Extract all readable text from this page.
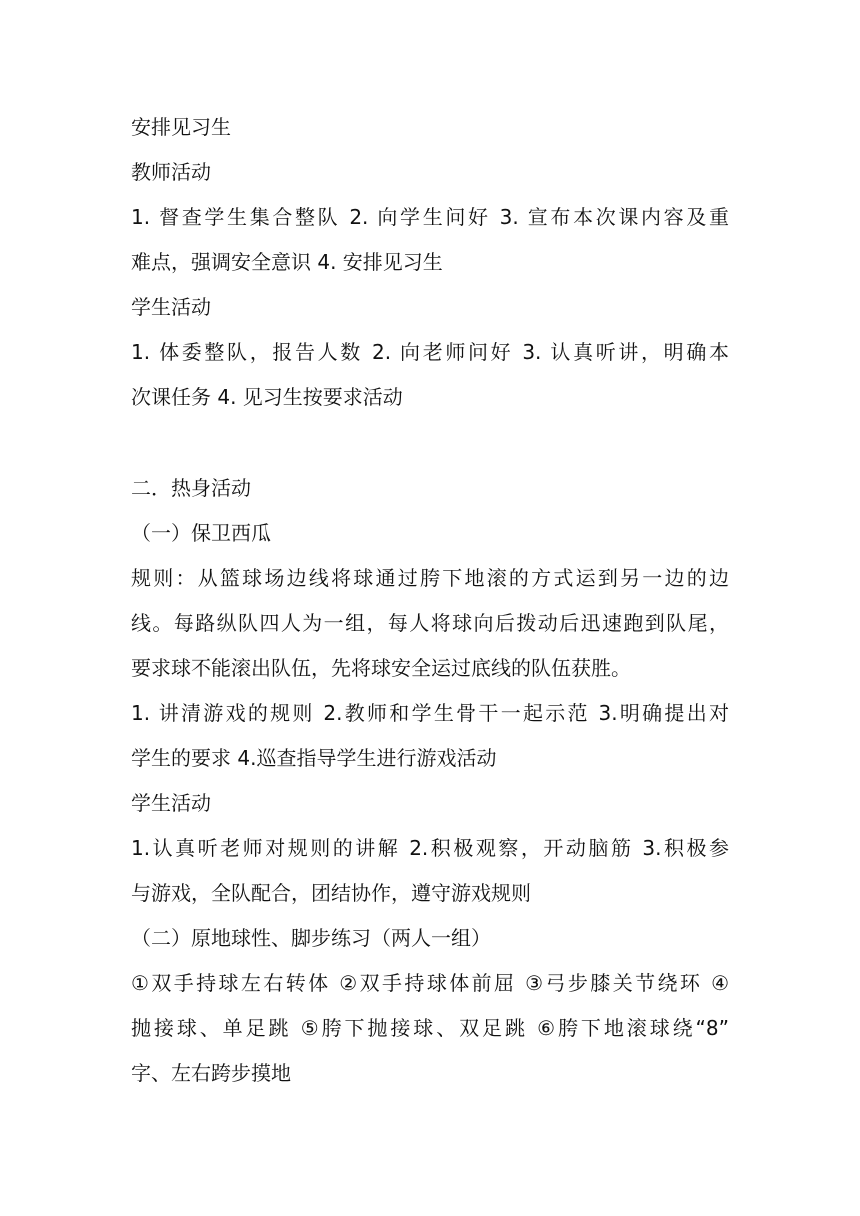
安排见习生
教师活动
1. 督查学生集合整队 2. 向学生问好 3. 宣布本次课内容及重
难点，强调安全意识 4. 安排见习生
学生活动
1. 体委整队，报告人数 2. 向老师问好 3. 认真听讲，明确本
次课任务 4. 见习生按要求活动
二．热身活动
（一）保卫西瓜
规则：从篮球场边线将球通过胯下地滚的方式运到另一边的边
线。每路纵队四人为一组，每人将球向后拨动后迅速跑到队尾，
要求球不能滚出队伍，先将球安全运过底线的队伍获胜。
1. 讲清游戏的规则 2.教师和学生骨干一起示范 3.明确提出对
学生的要求 4.巡查指导学生进行游戏活动
学生活动
1.认真听老师对规则的讲解 2.积极观察，开动脑筋 3.积极参
与游戏，全队配合，团结协作，遵守游戏规则
（二）原地球性、脚步练习（两人一组）
①双手持球左右转体 ②双手持球体前屈 ③弓步膝关节绕环 ④
抛接球、单足跳 ⑤胯下抛接球、双足跳 ⑥胯下地滚球绕“8”
字、左右跨步摸地
